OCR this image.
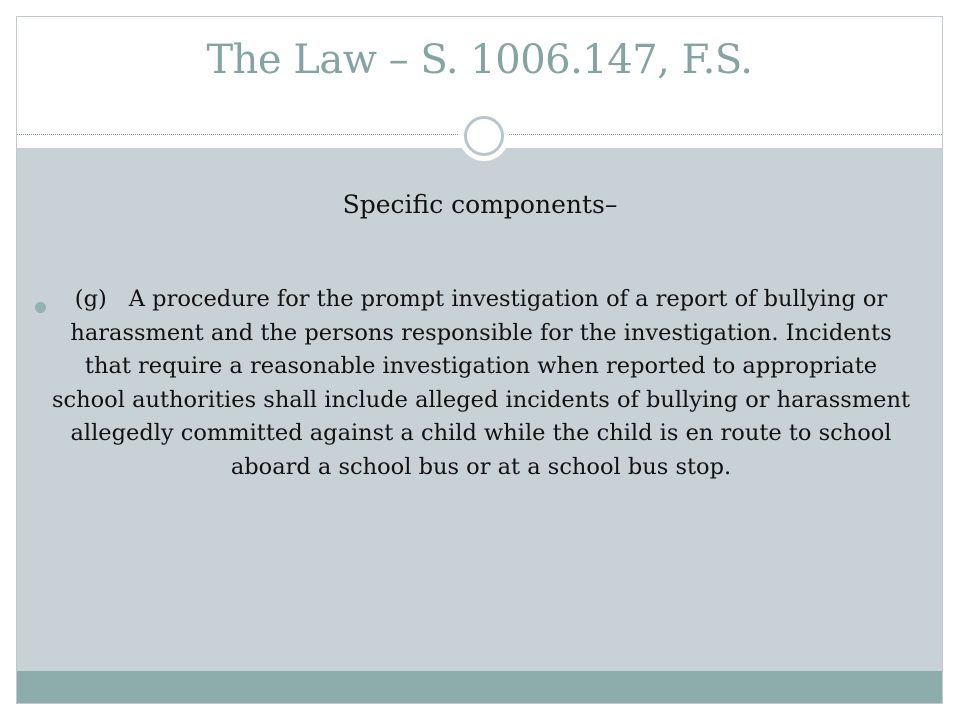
The Law – S. 1006.147, F.S.
Specific components–

(g) A procedure for the prompt investigation of a report of bullying or harassment and the persons responsible for the investigation. Incidents that require a reasonable investigation when reported to appropriate school authorities shall include alleged incidents of bullying or harassment allegedly committed against a child while the child is en route to school aboard a school bus or at a school bus stop.
